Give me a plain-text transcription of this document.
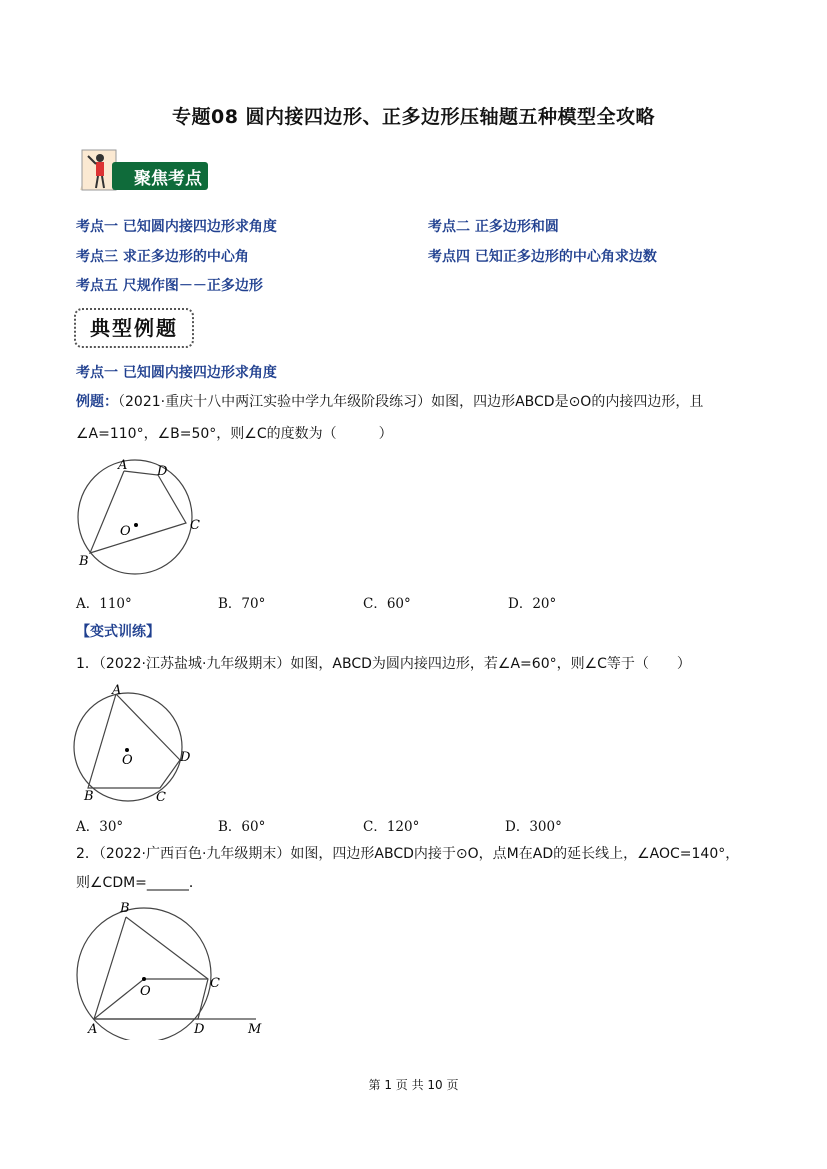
专题08 圆内接四边形、正多边形压轴题五种模型全攻略
聚焦考点
考点一 已知圆内接四边形求角度	考点二 正多边形和圆
考点三 求正多边形的中心角	考点四 已知正多边形的中心角求边数
考点五 尺规作图－－正多边形
典型例题
考点一 已知圆内接四边形求角度
例题：（2021·重庆十八中两江实验中学九年级阶段练习）如图，四边形ABCD是⊙O的内接四边形，且
∠A=110°，∠B=50°，则∠C的度数为（　　　）
A D
C
B
O
A．110°	B．70°	C．60°	D．20°
【变式训练】
1．（2022·江苏盐城·九年级期末）如图，ABCD为圆内接四边形，若∠A=60°，则∠C等于（　　）
A
D
C
B
O
A．30°	B．60°	C．120°	D．300°
2．（2022·广西百色·九年级期末）如图，四边形ABCD内接于⊙O，点M在AD的延长线上，∠AOC=140°，
则∠CDM=______．
B
C
O
A	D	M
第 1 页 共 10 页
